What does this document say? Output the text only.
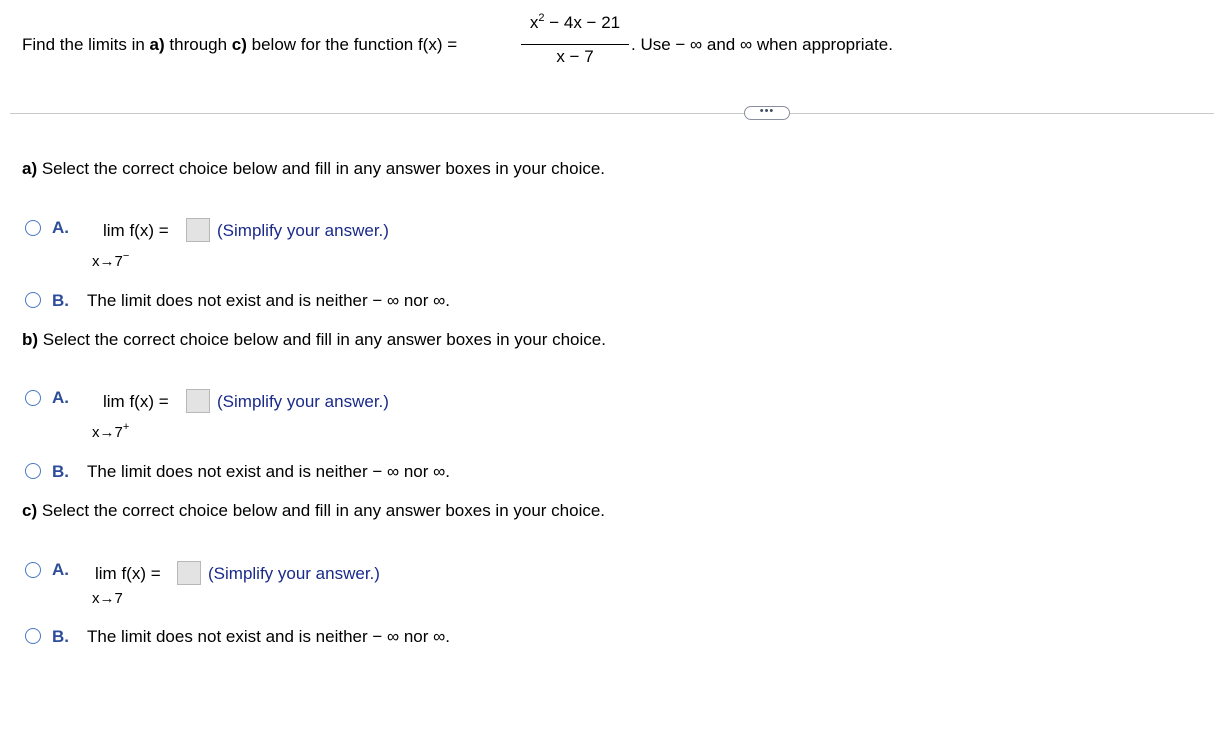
Find the limits in a) through c) below for the function f(x) =
$x^2 - 4x - 21$
x − 7
. Use − ∞ and ∞ when appropriate.
•••
a) Select the correct choice below and fill in any answer boxes in your choice.
A. lim f(x) =	(Simplify your answer.)
x→7−
B. The limit does not exist and is neither − ∞ nor ∞.
b) Select the correct choice below and fill in any answer boxes in your choice.
A. lim f(x) =	(Simplify your answer.)
x→7+
B. The limit does not exist and is neither − ∞ nor ∞.
c) Select the correct choice below and fill in any answer boxes in your choice.
A. lim f(x) =	(Simplify your answer.)
x→7
B. The limit does not exist and is neither − ∞ nor ∞.
